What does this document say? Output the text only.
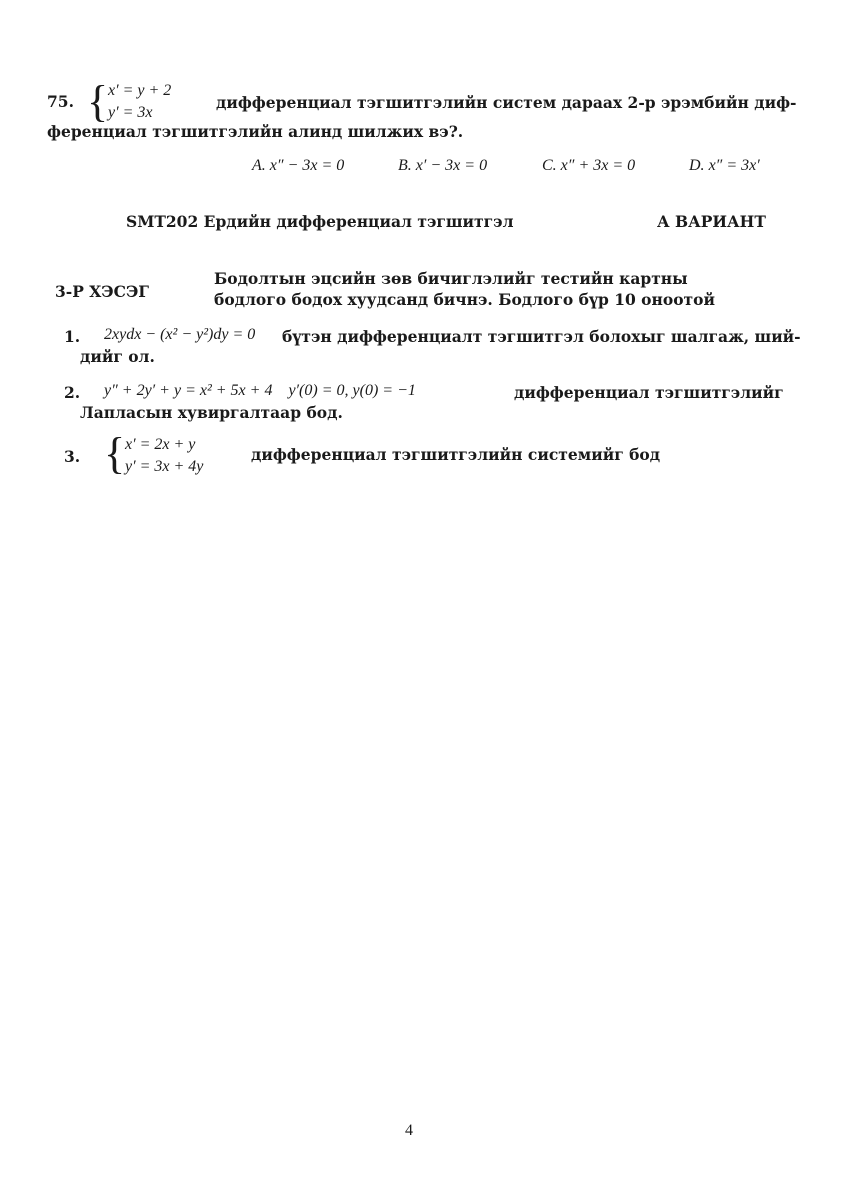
75. { x′ = y + 2
y′ = 3x
дифференциал тэгшитгэлийн систем дараах 2-р эрэмбийн диф-
ференциал тэгшитгэлийн алинд шилжих вэ?.
A. x″ − 3x = 0	B. x′ − 3x = 0	C. x″ + 3x = 0	D. x″ = 3x′
SMT202 Ердийн дифференциал тэгшитгэл	А ВАРИАНТ
3-Р ХЭСЭГ
Бодолтын эцсийн зөв бичиглэлийг тестийн картны
бодлого бодох хуудсанд бичнэ. Бодлого бүр 10 оноотой
1. 2xydx − (x² − y²)dy = 0 бүтэн дифференциалт тэгшитгэл болохыг шалгаж, ший-
дийг ол.
2. y″ + 2y′ + y = x² + 5x + 4    y′(0) = 0, y(0) = −1	дифференциал тэгшитгэлийг
Лапласын хувиргалтаар бод.
3. { x′ = 2x + y
y′ = 3x + 4y
дифференциал тэгшитгэлийн системийг бод
4
